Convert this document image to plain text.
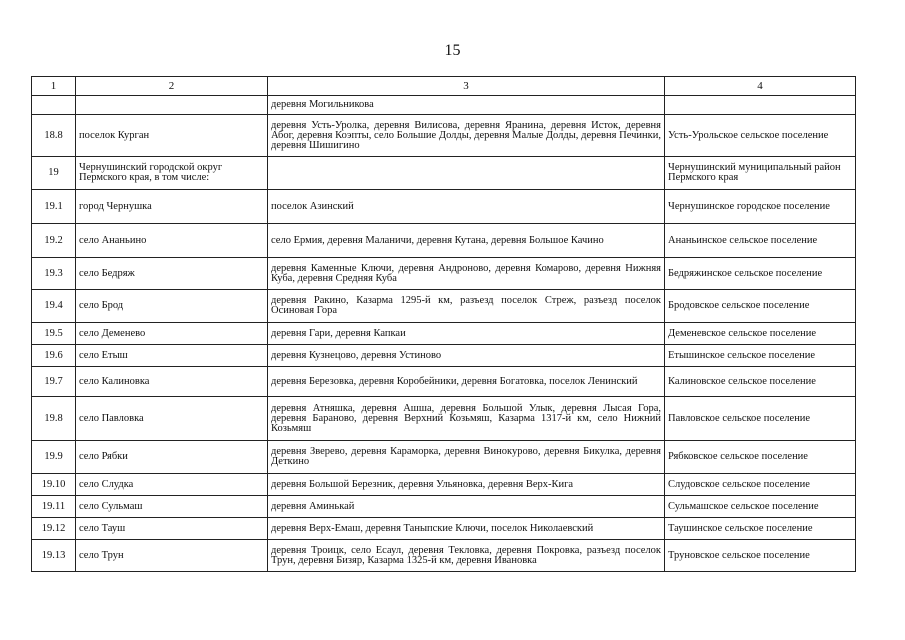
15
1	2	3	4
		деревня Могильникова	
18.8	поселок Курган	деревня Усть-Уролка, деревня Вилисова, деревня Яранина, деревня Исток, деревня Абог, деревня Коэпты, село Большие Долды, деревня Малые Долды, деревня Печинки, деревня Шишигино	Усть-Урольское сельское поселение
19	Чернушинский городской округ Пермского края, в том числе:		Чернушинский муниципальный район Пермского края
19.1	город Чернушка	поселок Азинский	Чернушинское городское поселение
19.2	село Ананьино	село Ермия, деревня Маланичи, деревня Кутана, деревня Большое Качино	Ананьинское сельское поселение
19.3	село Бедряж	деревня Каменные Ключи, деревня Андроново, деревня Комарово, деревня Нижняя Куба, деревня Средняя Куба	Бедряжинское сельское поселение
19.4	село Брод	деревня Ракино, Казарма 1295-й км, разъезд поселок Стреж, разъезд поселок Осиновая Гора	Бродовское сельское поселение
19.5	село Деменево	деревня Гари, деревня Капкаи	Деменевское сельское поселение
19.6	село Етыш	деревня Кузнецово, деревня Устиново	Етышинское сельское поселение
19.7	село Калиновка	деревня Березовка, деревня Коробейники, деревня Богатовка, поселок Ленинский	Калиновское сельское поселение
19.8	село Павловка	деревня Атняшка, деревня Ашша, деревня Большой Улык, деревня Лысая Гора, деревня Бараново, деревня Верхний Козьмяш, Казарма 1317-й км, село Нижний Козьмяш	Павловское сельское поселение
19.9	село Рябки	деревня Зверево, деревня Караморка, деревня Винокурово, деревня Бикулка, деревня Деткино	Рябковское сельское поселение
19.10	село Слудка	деревня Большой Березник, деревня Ульяновка, деревня Верх-Кига	Слудовское сельское поселение
19.11	село Сульмаш	деревня Аминькай	Сульмашское сельское поселение
19.12	село Тауш	деревня Верх-Емаш, деревня Таныпские Ключи, поселок Николаевский	Таушинское сельское поселение
19.13	село Трун	деревня Троицк, село Есаул, деревня Текловка, деревня Покровка, разъезд поселок Трун, деревня Бизяр, Казарма 1325-й км, деревня Ивановка	Труновское сельское поселение
